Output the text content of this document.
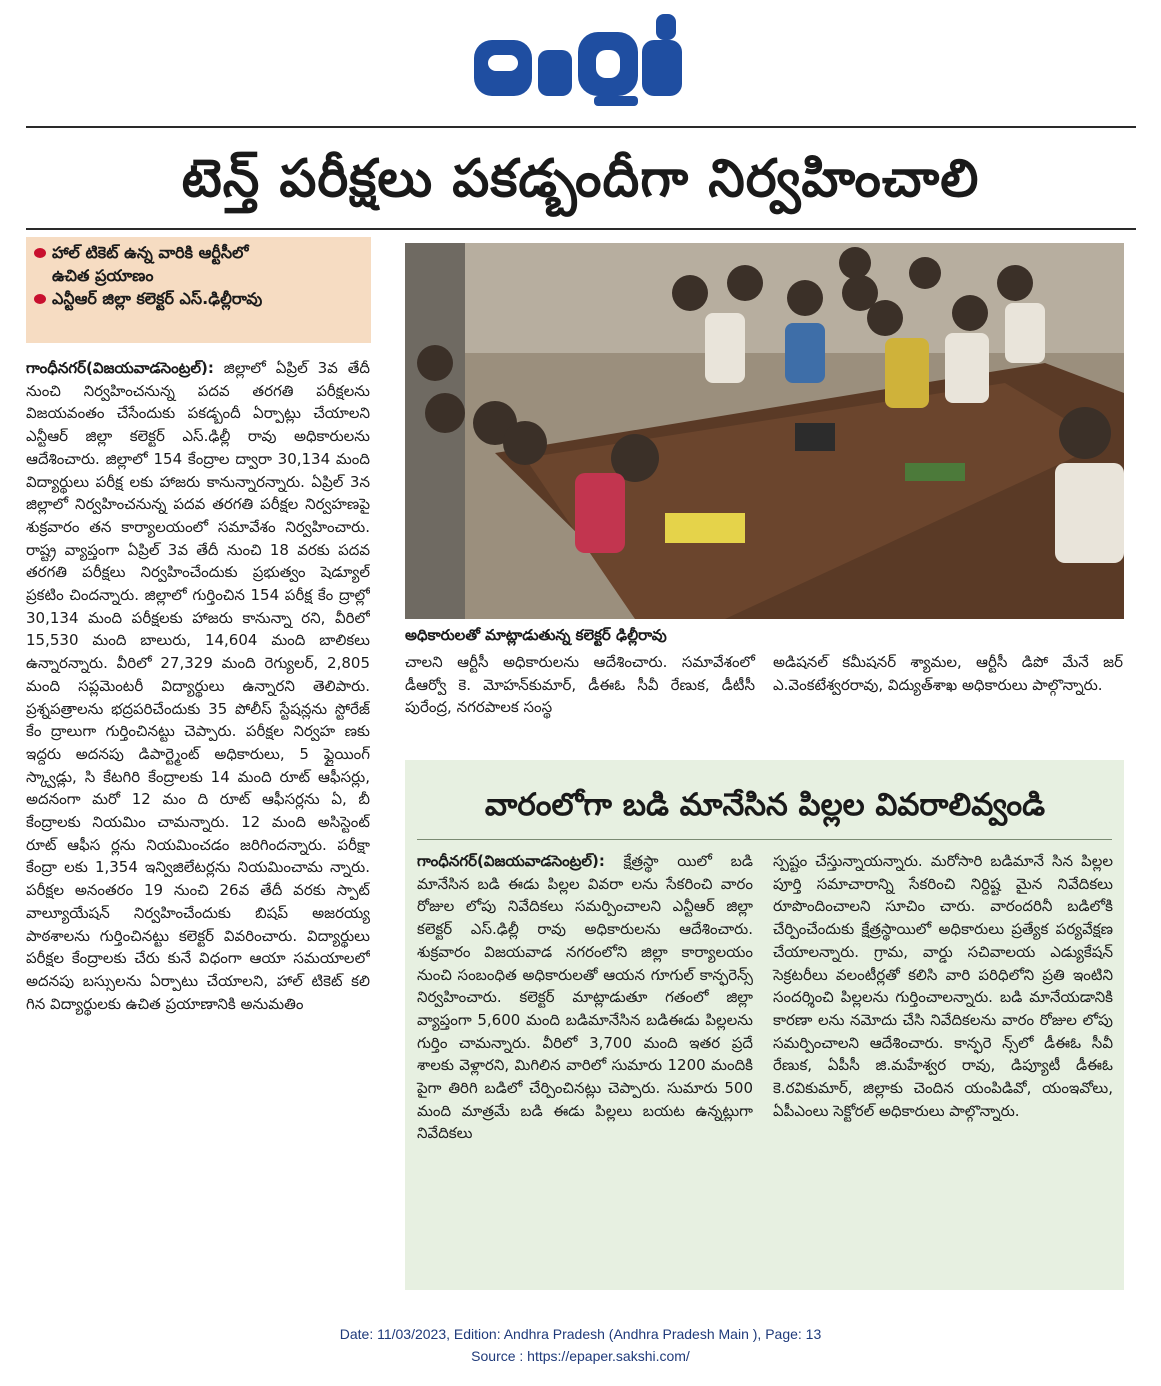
టెన్త్ పరీక్షలు పకడ్బందీగా నిర్వహించాలి
హాల్ టికెట్ ఉన్న వారికి ఆర్టీసీలో
ఉచిత ప్రయాణం
ఎన్టీఆర్ జిల్లా కలెక్టర్ ఎస్.ఢిల్లీరావు
గాంధీనగర్(విజయవాడసెంట్రల్): జిల్లాలో ఏప్రిల్ 3వ తేదీ నుంచి నిర్వహించనున్న పదవ తరగతి పరీక్షలను విజయవంతం చేసేందుకు పకడ్బందీ ఏర్పాట్లు చేయాలని ఎన్టీఆర్ జిల్లా కలెక్టర్ ఎస్.ఢిల్లీ రావు అధికారులను ఆదేశించారు. జిల్లాలో 154 కేంద్రాల ద్వారా 30,134 మంది విద్యార్థులు పరీక్ష లకు హాజరు కానున్నారన్నారు. ఏప్రిల్ 3న జిల్లాలో నిర్వహించనున్న పదవ తరగతి పరీక్షల నిర్వహణపై శుక్రవారం తన కార్యాలయంలో సమావేశం నిర్వహించారు. రాష్ట్ర వ్యాప్తంగా ఏప్రిల్ 3వ తేదీ నుంచి 18 వరకు పదవ తరగతి పరీక్షలు నిర్వహించేందుకు ప్రభుత్వం షెడ్యూల్ ప్రకటిం చిందన్నారు. జిల్లాలో గుర్తించిన 154 పరీక్ష కేం ద్రాల్లో 30,134 మంది పరీక్షలకు హాజరు కానున్నా రని, వీరిలో 15,530 మంది బాలురు, 14,604 మంది బాలికలు ఉన్నారన్నారు. వీరిలో 27,329 మంది రెగ్యులర్, 2,805 మంది సప్లమెంటరీ విద్యార్థులు ఉన్నారని తెలిపారు. ప్రశ్నపత్రాలను భద్రపరిచేందుకు 35 పోలీస్ స్టేషన్లను స్టోరేజ్ కేం ద్రాలుగా గుర్తించినట్టు చెప్పారు. పరీక్షల నిర్వహ ణకు ఇద్దరు అదనపు డిపార్ట్మెంట్ అధికారులు, 5 ఫ్లైయింగ్ స్క్వాడ్లు, సి కేటగిరి కేంద్రాలకు 14 మంది రూట్ ఆఫీసర్లు, అదనంగా మరో 12 మం ది రూట్ ఆఫీసర్లను ఏ, బీ కేంద్రాలకు నియమిం చామన్నారు. 12 మంది అసిస్టెంట్ రూట్ ఆఫీస ర్లను నియమించడం జరిగిందన్నారు. పరీక్షా కేంద్రా లకు 1,354 ఇన్విజిలేటర్లను నియమించామ న్నారు. పరీక్షల అనంతరం 19 నుంచి 26వ తేదీ వరకు స్పాట్ వాల్యూయేషన్ నిర్వహించేందుకు బిషప్ అజరయ్య పాఠశాలను గుర్తించినట్టు కలెక్టర్ వివరించారు. విద్యార్థులు పరీక్షల కేంద్రాలకు చేరు కునే విధంగా ఆయా సమయాలలో అదనపు బస్సులను ఏర్పాటు చేయాలని, హాల్ టికెట్ కలి గిన విద్యార్థులకు ఉచిత ప్రయాణానికి అనుమతిం
అధికారులతో మాట్లాడుతున్న కలెక్టర్ ఢిల్లీరావు
చాలని ఆర్టీసీ అధికారులను ఆదేశించారు. సమావేశంలో డీఆర్వో కె. మోహన్‌కుమార్, డీఈఓ సీవీ రేణుక, డీటీసీ పురేంద్ర, నగరపాలక సంస్థ
అడిషనల్ కమీషనర్ శ్యామల, ఆర్టీసీ డిపో మేనే జర్ ఎ.వెంకటేశ్వరరావు, విద్యుత్‌శాఖ అధికారులు పాల్గొన్నారు.
వారంలోగా బడి మానేసిన పిల్లల వివరాలివ్వండి
గాంధీనగర్(విజయవాడసెంట్రల్): క్షేత్రస్థా యిలో బడి మానేసిన బడి ఈడు పిల్లల వివరా లను సేకరించి వారం రోజుల లోపు నివేదికలు సమర్పించాలని ఎన్టీఆర్ జిల్లా కలెక్టర్ ఎస్.ఢిల్లీ రావు అధికారులను ఆదేశించారు. శుక్రవారం విజయవాడ నగరంలోని జిల్లా కార్యాలయం నుంచి సంబంధిత అధికారులతో ఆయన గూగుల్ కాన్ఫరెన్స్ నిర్వహించారు. కలెక్టర్ మాట్లాడుతూ గతంలో జిల్లా వ్యాప్తంగా 5,600 మంది బడిమానేసిన బడిఈడు పిల్లలను గుర్తిం చామన్నారు. వీరిలో 3,700 మంది ఇతర ప్రదే శాలకు వెళ్లారని, మిగిలిన వారిలో సుమారు 1200 మందికి పైగా తిరిగి బడిలో చేర్పించినట్లు చెప్పారు. సుమారు 500 మంది మాత్రమే బడి ఈడు పిల్లలు బయట ఉన్నట్లుగా నివేదికలు
స్పష్టం చేస్తున్నాయన్నారు. మరోసారి బడిమానే సిన పిల్లల పూర్తి సమాచారాన్ని సేకరించి నిర్దిష్ట మైన నివేదికలు రూపొందించాలని సూచిం చారు. వారందరినీ బడిలోకి చేర్పించేందుకు క్షేత్రస్థాయిలో అధికారులు ప్రత్యేక పర్యవేక్షణ చేయాలన్నారు. గ్రామ, వార్డు సచివాలయ ఎడ్యుకేషన్ సెక్రటరీలు వలంటీర్లతో కలిసి వారి పరిధిలోని ప్రతి ఇంటిని సందర్శించి పిల్లలను గుర్తించాలన్నారు. బడి మానేయడానికి కారణా లను నమోదు చేసి నివేదికలను వారం రోజుల లోపు సమర్పించాలని ఆదేశించారు. కాన్ఫరె న్స్‌లో డీఈఓ సీవీ రేణుక, ఏపీసీ జి.మహేశ్వర రావు, డిప్యూటీ డీఈఓ కె.రవికుమార్, జిల్లాకు చెందిన యంపిడివో, యంఇవోలు, ఏపీఎంలు సెక్టోరల్ అధికారులు పాల్గొన్నారు.
Date: 11/03/2023, Edition: Andhra Pradesh (Andhra Pradesh Main ), Page: 13
Source : https://epaper.sakshi.com/
